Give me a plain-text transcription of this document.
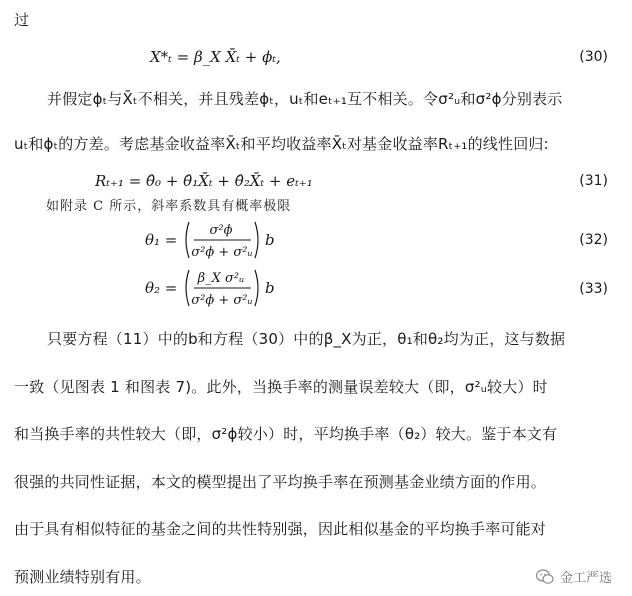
过
X*ₜ = β_X X̄ₜ + ϕₜ,	(30)
并假定ϕₜ与X̄ₜ不相关，并且残差ϕₜ，uₜ和eₜ₊₁互不相关。令σ²ᵤ和σ²ϕ分别表示
uₜ和ϕₜ的方差。考虑基金收益率X̄ₜ和平均收益率X̄ₜ对基金收益率Rₜ₊₁的线性回归:
Rₜ₊₁ = θ̂₀ + θ̂₁X̄ₜ + θ̂₂X̄ₜ + eₜ₊₁	(31)
如附录 C 所示，斜率系数具有概率极限
θ₁ =
σ²ϕ
σ²ϕ + σ²ᵤ
b	(32)
θ₂ =
β_X σ²ᵤ
σ²ϕ + σ²ᵤ
b	(33)
只要方程（11）中的b和方程（30）中的β_X为正，θ₁和θ₂均为正，这与数据
一致（见图表 1 和图表 7)。此外，当换手率的测量误差较大（即，σ²ᵤ较大）时
和当换手率的共性较大（即，σ²ϕ较小）时，平均换手率（θ₂）较大。鉴于本文有
很强的共同性证据，本文的模型提出了平均换手率在预测基金业绩方面的作用。
由于具有相似特征的基金之间的共性特别强，因此相似基金的平均换手率可能对
预测业绩特别有用。	金工严选
